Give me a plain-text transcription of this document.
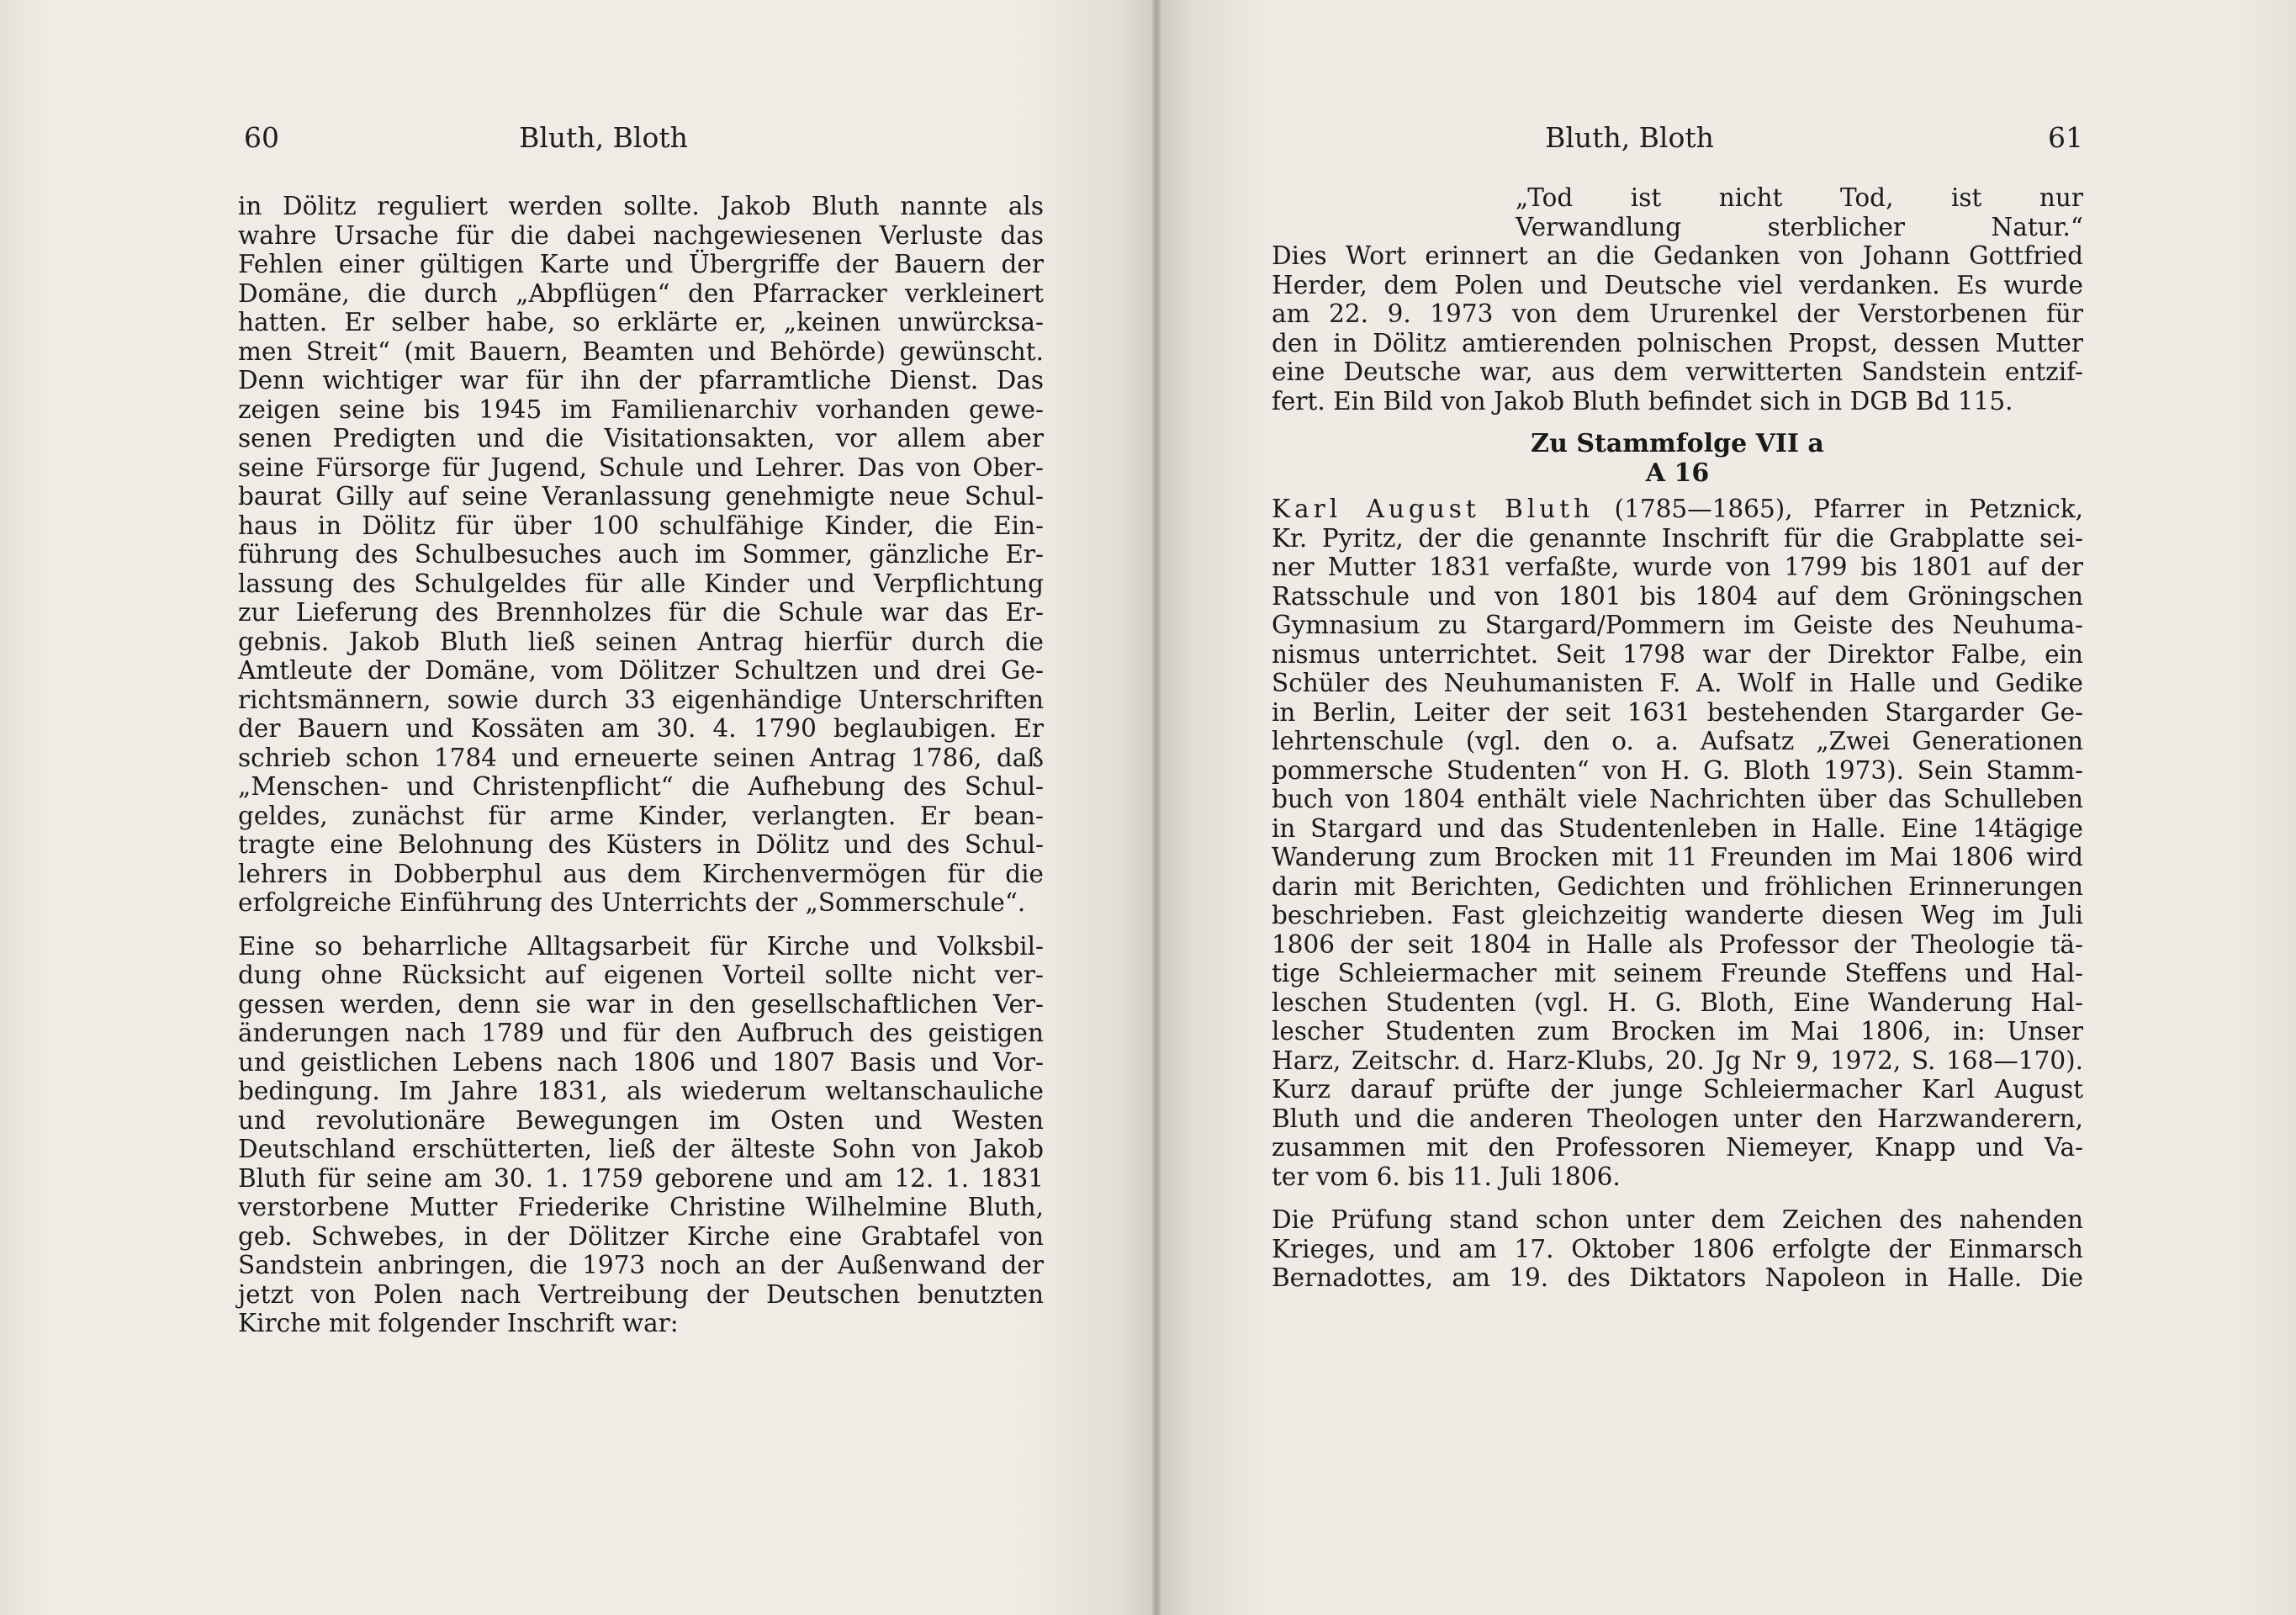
60	Bluth, Bloth
in Dölitz reguliert werden sollte. Jakob Bluth nannte als
wahre Ursache für die dabei nachgewiesenen Verluste das
Fehlen einer gültigen Karte und Übergriffe der Bauern der
Domäne, die durch „Abpflügen“ den Pfarracker verkleinert
hatten. Er selber habe, so erklärte er, „keinen unwürcksa-
men Streit“ (mit Bauern, Beamten und Behörde) gewünscht.
Denn wichtiger war für ihn der pfarramtliche Dienst. Das
zeigen seine bis 1945 im Familienarchiv vorhanden gewe-
senen Predigten und die Visitationsakten, vor allem aber
seine Fürsorge für Jugend, Schule und Lehrer. Das von Ober-
baurat Gilly auf seine Veranlassung genehmigte neue Schul-
haus in Dölitz für über 100 schulfähige Kinder, die Ein-
führung des Schulbesuches auch im Sommer, gänzliche Er-
lassung des Schulgeldes für alle Kinder und Verpflichtung
zur Lieferung des Brennholzes für die Schule war das Er-
gebnis. Jakob Bluth ließ seinen Antrag hierfür durch die
Amtleute der Domäne, vom Dölitzer Schultzen und drei Ge-
richtsmännern, sowie durch 33 eigenhändige Unterschriften
der Bauern und Kossäten am 30. 4. 1790 beglaubigen. Er
schrieb schon 1784 und erneuerte seinen Antrag 1786, daß
„Menschen- und Christenpflicht“ die Aufhebung des Schul-
geldes, zunächst für arme Kinder, verlangten. Er bean-
tragte eine Belohnung des Küsters in Dölitz und des Schul-
lehrers in Dobberphul aus dem Kirchenvermögen für die
erfolgreiche Einführung des Unterrichts der „Sommerschule“.
Eine so beharrliche Alltagsarbeit für Kirche und Volksbil-
dung ohne Rücksicht auf eigenen Vorteil sollte nicht ver-
gessen werden, denn sie war in den gesellschaftlichen Ver-
änderungen nach 1789 und für den Aufbruch des geistigen
und geistlichen Lebens nach 1806 und 1807 Basis und Vor-
bedingung. Im Jahre 1831, als wiederum weltanschauliche
und revolutionäre Bewegungen im Osten und Westen
Deutschland erschütterten, ließ der älteste Sohn von Jakob
Bluth für seine am 30. 1. 1759 geborene und am 12. 1. 1831
verstorbene Mutter Friederike Christine Wilhelmine Bluth,
geb. Schwebes, in der Dölitzer Kirche eine Grabtafel von
Sandstein anbringen, die 1973 noch an der Außenwand der
jetzt von Polen nach Vertreibung der Deutschen benutzten
Kirche mit folgender Inschrift war:
Bluth, Bloth	61
„Tod ist nicht Tod, ist nur
Verwandlung sterblicher Natur.“
Dies Wort erinnert an die Gedanken von Johann Gottfried
Herder, dem Polen und Deutsche viel verdanken. Es wurde
am 22. 9. 1973 von dem Ururenkel der Verstorbenen für
den in Dölitz amtierenden polnischen Propst, dessen Mutter
eine Deutsche war, aus dem verwitterten Sandstein entzif-
fert. Ein Bild von Jakob Bluth befindet sich in DGB Bd 115.
Zu Stammfolge VII a
A 16
Karl August Bluth (1785—1865), Pfarrer in Petznick,
Kr. Pyritz, der die genannte Inschrift für die Grabplatte sei-
ner Mutter 1831 verfaßte, wurde von 1799 bis 1801 auf der
Ratsschule und von 1801 bis 1804 auf dem Gröningschen
Gymnasium zu Stargard/Pommern im Geiste des Neuhuma-
nismus unterrichtet. Seit 1798 war der Direktor Falbe, ein
Schüler des Neuhumanisten F. A. Wolf in Halle und Gedike
in Berlin, Leiter der seit 1631 bestehenden Stargarder Ge-
lehrtenschule (vgl. den o. a. Aufsatz „Zwei Generationen
pommersche Studenten“ von H. G. Bloth 1973). Sein Stamm-
buch von 1804 enthält viele Nachrichten über das Schulleben
in Stargard und das Studentenleben in Halle. Eine 14tägige
Wanderung zum Brocken mit 11 Freunden im Mai 1806 wird
darin mit Berichten, Gedichten und fröhlichen Erinnerungen
beschrieben. Fast gleichzeitig wanderte diesen Weg im Juli
1806 der seit 1804 in Halle als Professor der Theologie tä-
tige Schleiermacher mit seinem Freunde Steffens und Hal-
leschen Studenten (vgl. H. G. Bloth, Eine Wanderung Hal-
lescher Studenten zum Brocken im Mai 1806, in: Unser
Harz, Zeitschr. d. Harz-Klubs, 20. Jg Nr 9, 1972, S. 168—170).
Kurz darauf prüfte der junge Schleiermacher Karl August
Bluth und die anderen Theologen unter den Harzwanderern,
zusammen mit den Professoren Niemeyer, Knapp und Va-
ter vom 6. bis 11. Juli 1806.
Die Prüfung stand schon unter dem Zeichen des nahenden
Krieges, und am 17. Oktober 1806 erfolgte der Einmarsch
Bernadottes, am 19. des Diktators Napoleon in Halle. Die
